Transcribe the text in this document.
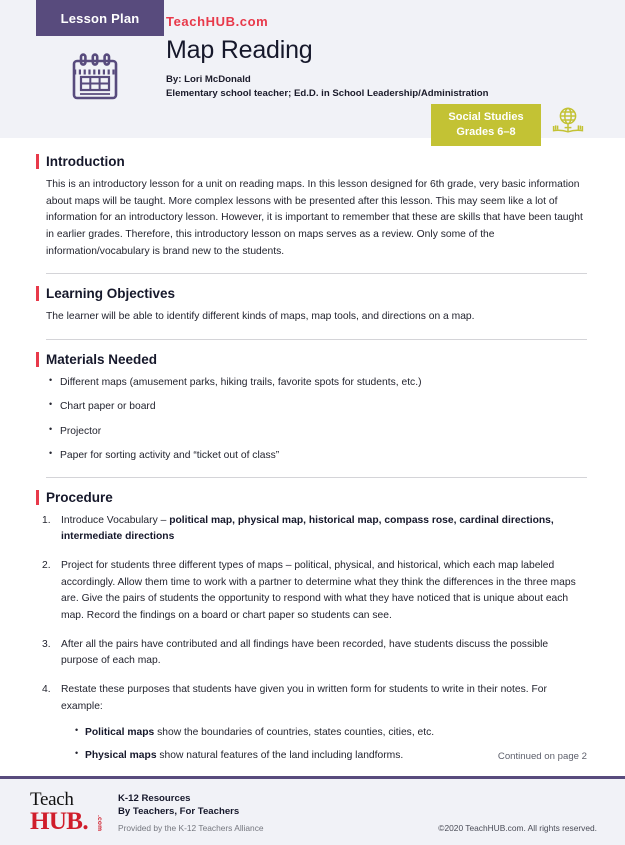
Lesson Plan	TeachHUB.com
Map Reading
By: Lori McDonald
Elementary school teacher; Ed.D. in School Leadership/Administration
Social Studies
Grades 6–8
Introduction

This is an introductory lesson for a unit on reading maps. In this lesson designed for 6th grade, very basic information about maps will be taught. More complex lessons with be presented after this lesson. This may seem like a lot of information for an introductory lesson. However, it is important to remember that these are skills that have been taught in earlier grades. Therefore, this introductory lesson on maps serves as a review. Only some of the information/vocabulary is brand new to the students.

Learning Objectives

The learner will be able to identify different kinds of maps, map tools, and directions on a map.

Materials Needed
• Different maps (amusement parks, hiking trails, favorite spots for students, etc.)
• Chart paper or board
• Projector
• Paper for sorting activity and “ticket out of class”
Procedure
1. Introduce Vocabulary – political map, physical map, historical map, compass rose, cardinal directions, intermediate directions
2. Project for students three different types of maps – political, physical, and historical, which each map labeled accordingly. Allow them time to work with a partner to determine what they think the differences in the three maps are. Give the pairs of students the opportunity to respond with what they have noticed that is unique about each map. Record the findings on a board or chart paper so students can see.
3. After all the pairs have contributed and all findings have been recorded, have students discuss the possible purpose of each map.
4. Restate these purposes that students have given you in written form for students to write in their notes. For example:
• Political maps show the boundaries of countries, states counties, cities, etc.
• Physical maps show natural features of the land including landforms.	Continued on page 2
Teach
HUB.	.com
K-12 Resources
By Teachers, For Teachers
Provided by the K-12 Teachers Alliance	©2020 TeachHUB.com. All rights reserved.
